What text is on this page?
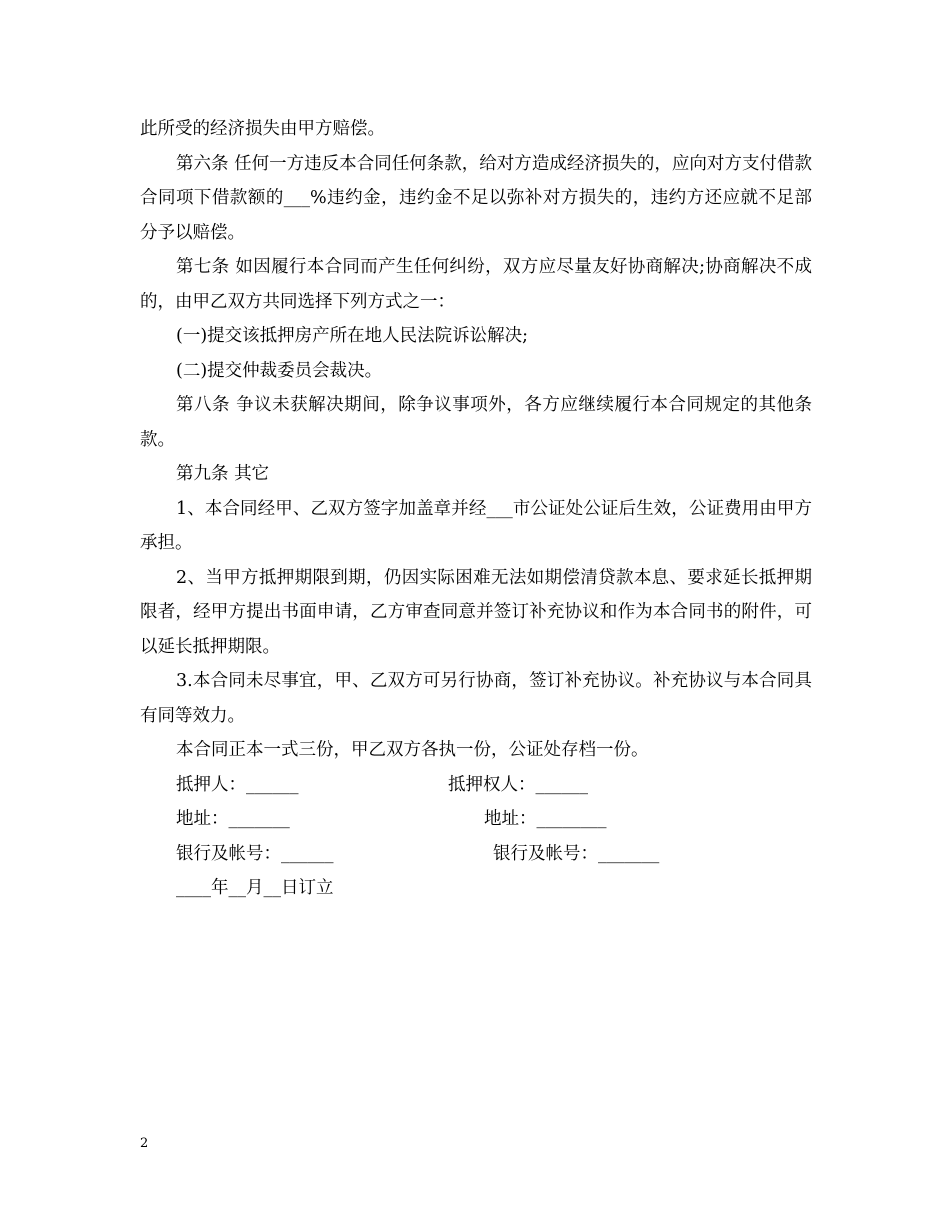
此所受的经济损失由甲方赔偿。

第六条 任何一方违反本合同任何条款，给对方造成经济损失的，应向对方支付借款合同项下借款额的___%违约金，违约金不足以弥补对方损失的，违约方还应就不足部分予以赔偿。

第七条 如因履行本合同而产生任何纠纷，双方应尽量友好协商解决;协商解决不成的，由甲乙双方共同选择下列方式之一：

(一)提交该抵押房产所在地人民法院诉讼解决;

(二)提交仲裁委员会裁决。

第八条 争议未获解决期间，除争议事项外，各方应继续履行本合同规定的其他条款。

第九条 其它

1、本合同经甲、乙双方签字加盖章并经___市公证处公证后生效，公证费用由甲方承担。

2、当甲方抵押期限到期，仍因实际困难无法如期偿清贷款本息、要求延长抵押期限者，经甲方提出书面申请，乙方审查同意并签订补充协议和作为本合同书的附件，可以延长抵押期限。

3.本合同未尽事宜，甲、乙双方可另行协商，签订补充协议。补充协议与本合同具有同等效力。

本合同正本一式三份，甲乙双方各执一份，公证处存档一份。

抵押人：______	抵押权人：______
地址：_______	地址：________
银行及帐号：______	银行及帐号：_______
____年__月__日订立
2
